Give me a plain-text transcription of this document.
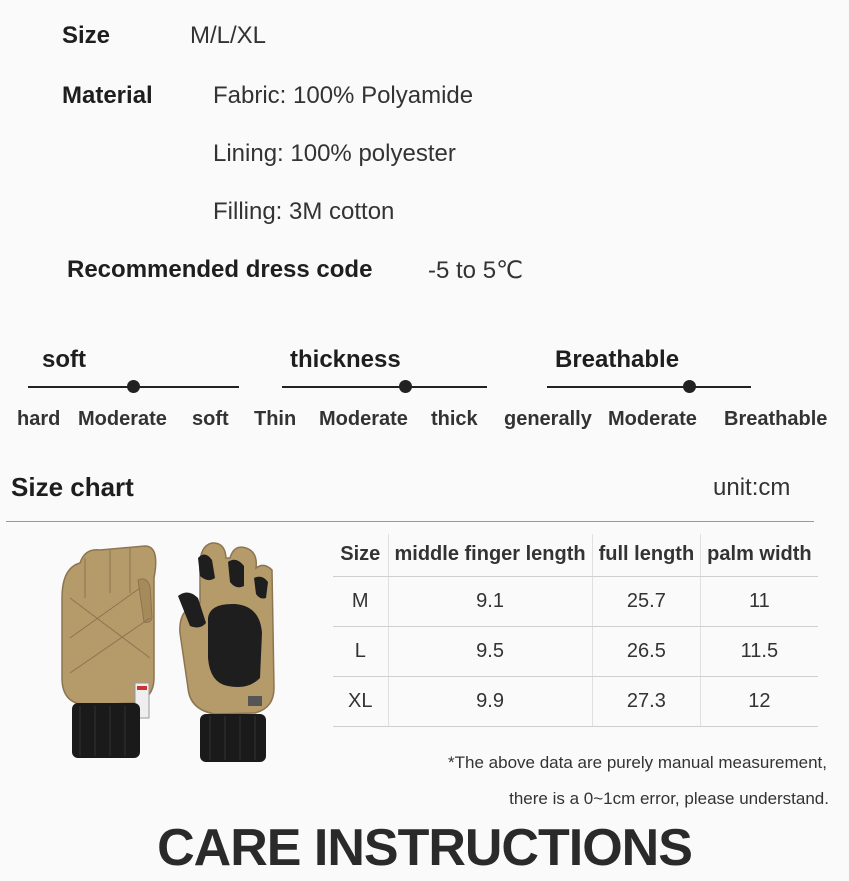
Size	M/L/XL
Material	Fabric: 100% Polyamide
Lining: 100% polyester
Filling: 3M cotton
Recommended dress code -5 to 5℃
soft
hard Moderate soft
thickness
Thin Moderate thick
Breathable
generally Moderate Breathable
Size chart	unit:cm
Size	middle finger length	full length	palm width
M	9.1	25.7	11
L	9.5	26.5	11.5
XL	9.9	27.3	12
*The above data are purely manual measurement,
there is a 0~1cm error, please understand.
CARE INSTRUCTIONS
